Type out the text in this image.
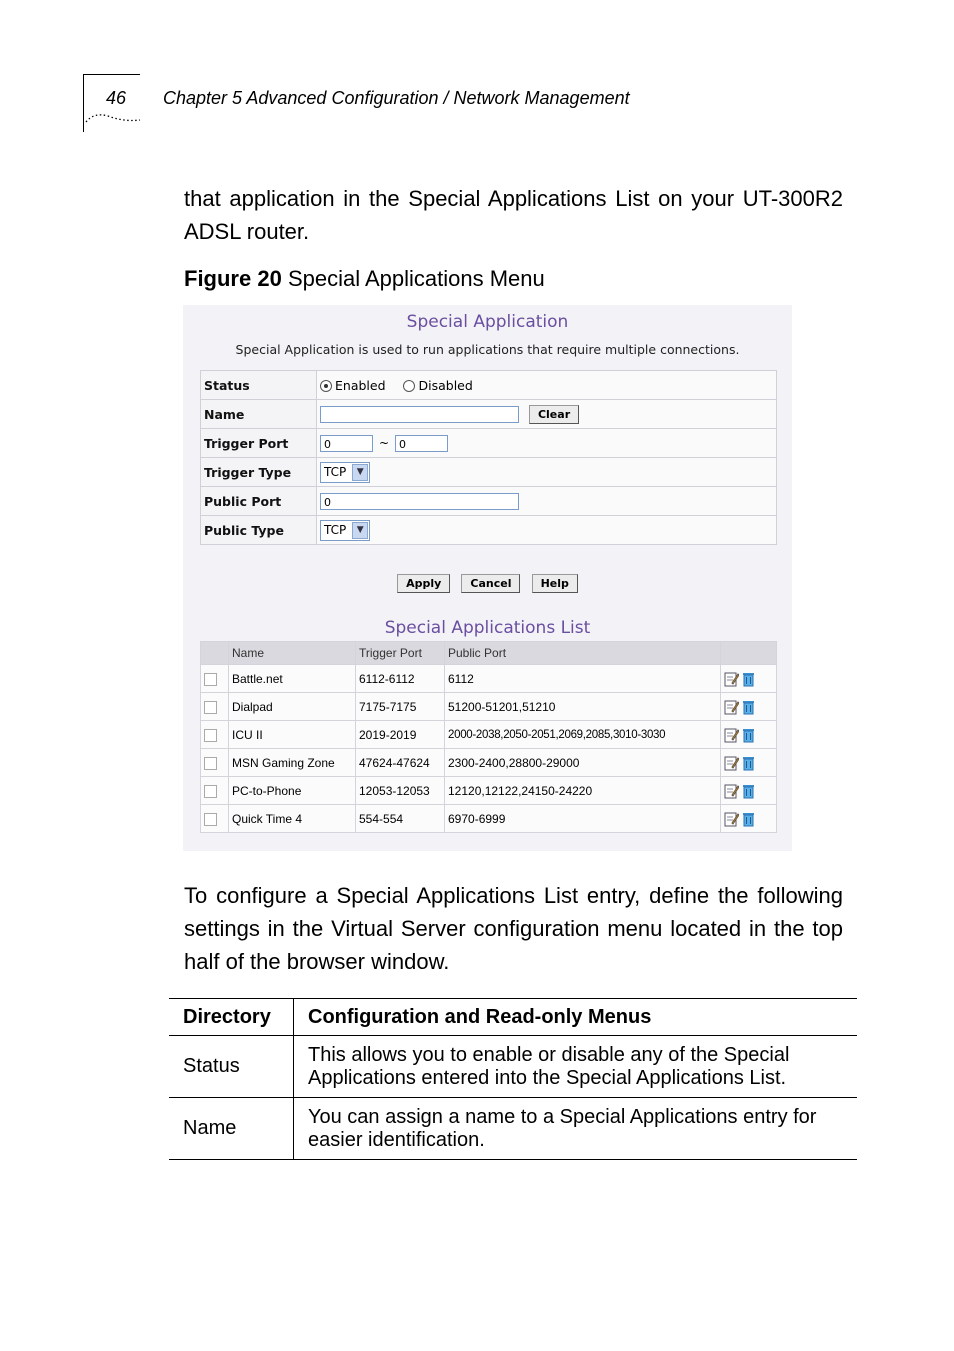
46 Chapter 5 Advanced Configuration / Network Management
that application in the Special Applications List on your UT-300R2 ADSL router.
Figure 20 Special Applications Menu
Special Application
Special Application is used to run applications that require multiple connections.
Status	Enabled Disabled
Name	Clear
Trigger Port	0 ~ 0
Trigger Type	TCP ▼
Public Port	0
Public Type	TCP ▼
Apply	Cancel	Help
Special Applications List
	Name	Trigger Port	Public Port	
	Battle.net	6112-6112	6112	
	Dialpad	7175-7175	51200-51201,51210	
	ICU II	2019-2019	2000-2038,2050-2051,2069,2085,3010-3030	
	MSN Gaming Zone	47624-47624	2300-2400,28800-29000	
	PC-to-Phone	12053-12053	12120,12122,24150-24220	
	Quick Time 4	554-554	6970-6999	
To configure a Special Applications List entry, define the following settings in the Virtual Server configuration menu located in the top half of the browser window.
Directory	Configuration and Read-only Menus
Status	This allows you to enable or disable any of the Special Applications entered into the Special Applications List.
Name	You can assign a name to a Special Applications entry for easier identification.
